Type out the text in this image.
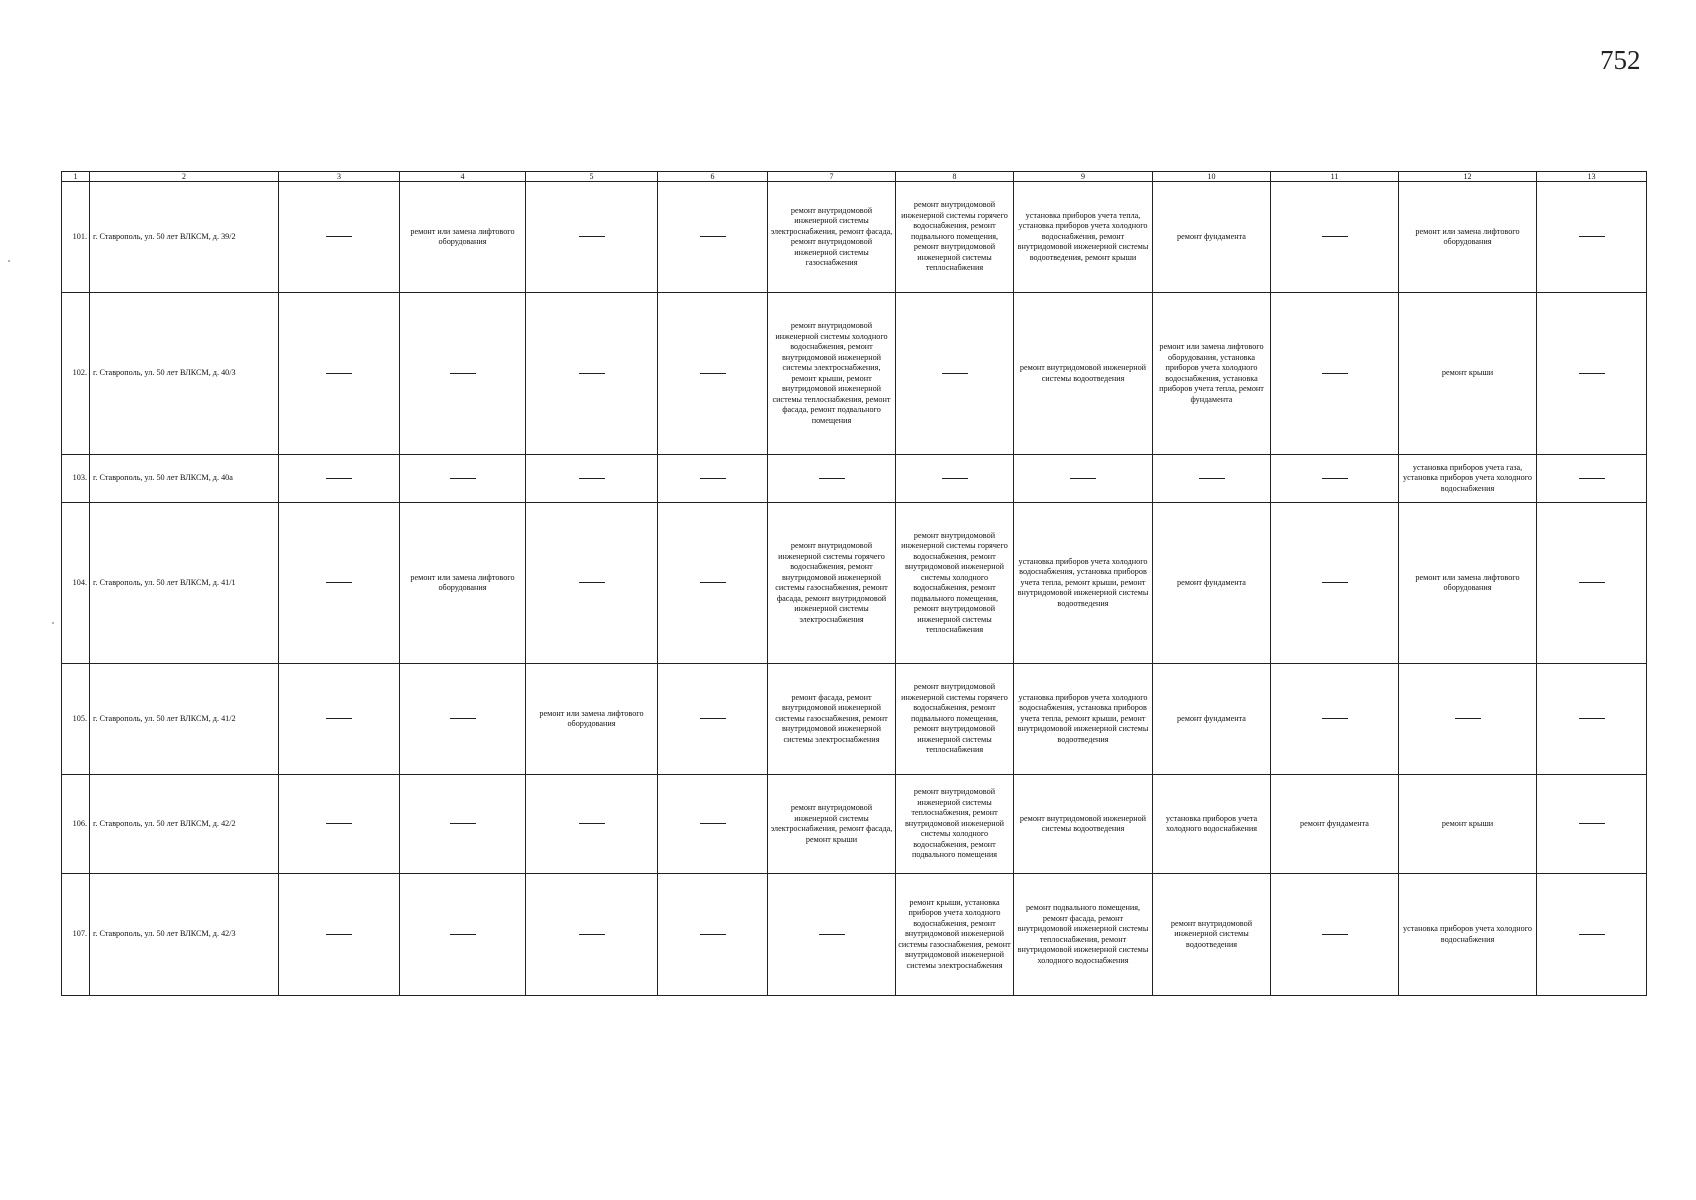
752
1	2	3	4	5	6	7	8	9	10	11	12	13
101.	г. Ставрополь, ул. 50 лет ВЛКСМ, д. 39/2		ремонт или замена лифтового оборудования			ремонт внутридомовой инженерной системы электроснабжения, ремонт фасада, ремонт внутридомовой инженерной системы газоснабжения	ремонт внутридомовой инженерной системы горячего водоснабжения, ремонт подвального помещения, ремонт внутридомовой инженерной системы теплоснабжения	установка приборов учета тепла, установка приборов учета холодного водоснабжения, ремонт внутридомовой инженерной системы водоотведения, ремонт крыши	ремонт фундамента		ремонт или замена лифтового оборудования	
102.	г. Ставрополь, ул. 50 лет ВЛКСМ, д. 40/3					ремонт внутридомовой инженерной системы холодного водоснабжения, ремонт внутридомовой инженерной системы электроснабжения, ремонт крыши, ремонт внутридомовой инженерной системы теплоснабжения, ремонт фасада, ремонт подвального помещения		ремонт внутридомовой инженерной системы водоотведения	ремонт или замена лифтового оборудования, установка приборов учета холодного водоснабжения, установка приборов учета тепла, ремонт фундамента		ремонт крыши	
103.	г. Ставрополь, ул. 50 лет ВЛКСМ, д. 40а										установка приборов учета газа, установка приборов учета холодного водоснабжения	
104.	г. Ставрополь, ул. 50 лет ВЛКСМ, д. 41/1		ремонт или замена лифтового оборудования			ремонт внутридомовой инженерной системы горячего водоснабжения, ремонт внутридомовой инженерной системы газоснабжения, ремонт фасада, ремонт внутридомовой инженерной системы электроснабжения	ремонт внутридомовой инженерной системы горячего водоснабжения, ремонт внутридомовой инженерной системы холодного водоснабжения, ремонт подвального помещения, ремонт внутридомовой инженерной системы теплоснабжения	установка приборов учета холодного водоснабжения, установка приборов учета тепла, ремонт крыши, ремонт внутридомовой инженерной системы водоотведения	ремонт фундамента		ремонт или замена лифтового оборудования	
105.	г. Ставрополь, ул. 50 лет ВЛКСМ, д. 41/2			ремонт или замена лифтового оборудования		ремонт фасада, ремонт внутридомовой инженерной системы газоснабжения, ремонт внутридомовой инженерной системы электроснабжения	ремонт внутридомовой инженерной системы горячего водоснабжения, ремонт подвального помещения, ремонт внутридомовой инженерной системы теплоснабжения	установка приборов учета холодного водоснабжения, установка приборов учета тепла, ремонт крыши, ремонт внутридомовой инженерной системы водоотведения	ремонт фундамента			
106.	г. Ставрополь, ул. 50 лет ВЛКСМ, д. 42/2					ремонт внутридомовой инженерной системы электроснабжения, ремонт фасада, ремонт крыши	ремонт внутридомовой инженерной системы теплоснабжения, ремонт внутридомовой инженерной системы холодного водоснабжения, ремонт подвального помещения	ремонт внутридомовой инженерной системы водоотведения	установка приборов учета холодного водоснабжения	ремонт фундамента	ремонт крыши	
107.	г. Ставрополь, ул. 50 лет ВЛКСМ, д. 42/3						ремонт крыши, установка приборов учета холодного водоснабжения, ремонт внутридомовой инженерной системы газоснабжения, ремонт внутридомовой инженерной системы электроснабжения	ремонт подвального помещения, ремонт фасада, ремонт внутридомовой инженерной системы теплоснабжения, ремонт внутридомовой инженерной системы холодного водоснабжения	ремонт внутридомовой инженерной системы водоотведения		установка приборов учета холодного водоснабжения	
